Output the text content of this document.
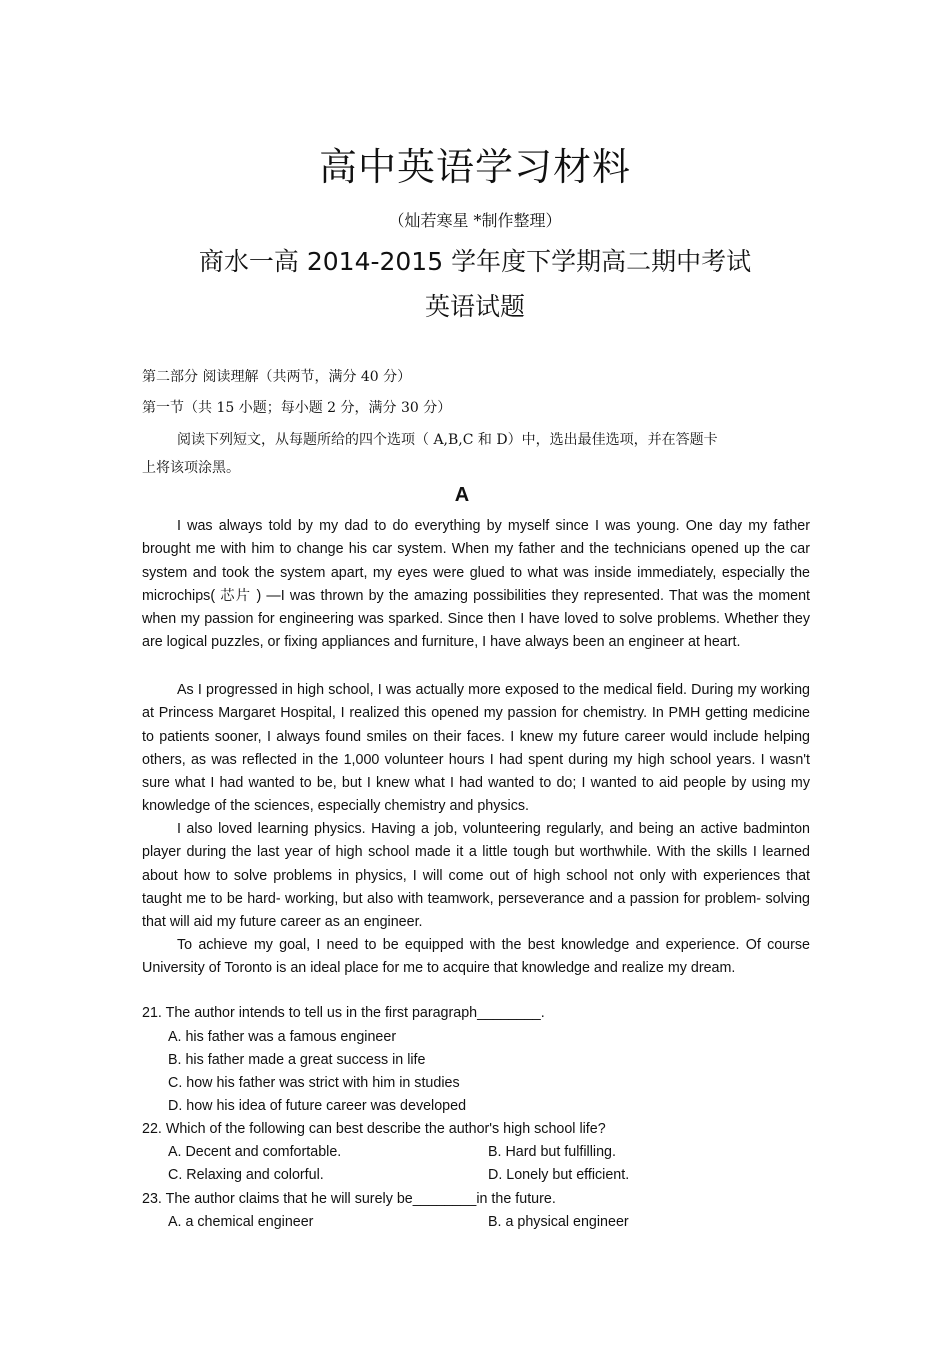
高中英语学习材料
（灿若寒星 *制作整理）
商水一高 2014-2015 学年度下学期高二期中考试
英语试题
第二部分 阅读理解（共两节，满分 40 分）
第一节（共 15 小题；每小题 2 分，满分 30 分）
阅读下列短文，从每题所给的四个选项（ A,B,C 和 D）中，选出最佳选项，并在答题卡
上将该项涂黑。
A
I was always told by my dad to do everything by myself since I was young. One day my father brought me with him to change his car system. When my father and the technicians opened up the car system and took the system apart, my eyes were glued to what was inside immediately, especially the microchips( 芯片 ) —I was thrown by the amazing possibilities they represented. That was the moment when my passion for engineering was sparked. Since then I have loved to solve problems. Whether they are logical puzzles, or fixing appliances and furniture, I have always been an engineer at heart.
As I progressed in high school, I was actually more exposed to the medical field. During my working at Princess Margaret Hospital, I realized this opened my passion for chemistry. In PMH getting medicine to patients sooner, I always found smiles on their faces. I knew my future career would include helping others, as was reflected in the 1,000 volunteer hours I had spent during my high school years. I wasn't sure what I had wanted to be, but I knew what I had wanted to do; I wanted to aid people by using my knowledge of the sciences, especially chemistry and physics.
I also loved learning physics. Having a job, volunteering regularly, and being an active badminton player during the last year of high school made it a little tough but worthwhile. With the skills I learned about how to solve problems in physics, I will come out of high school not only with experiences that taught me to be hard- working, but also with teamwork, perseverance and a passion for problem- solving that will aid my future career as an engineer.
To achieve my goal, I need to be equipped with the best knowledge and experience. Of course University of Toronto is an ideal place for me to acquire that knowledge and realize my dream.
21. The author intends to tell us in the first paragraph________.
A. his father was a famous engineer
B. his father made a great success in life
C. how his father was strict with him in studies
D. how his idea of future career was developed
22. Which of the following can best describe the author's high school life?
A. Decent and comfortable.	B. Hard but fulfilling.
C. Relaxing and colorful.	D. Lonely but efficient.
23. The author claims that he will surely be________in the future.
A. a chemical engineer	B. a physical engineer
